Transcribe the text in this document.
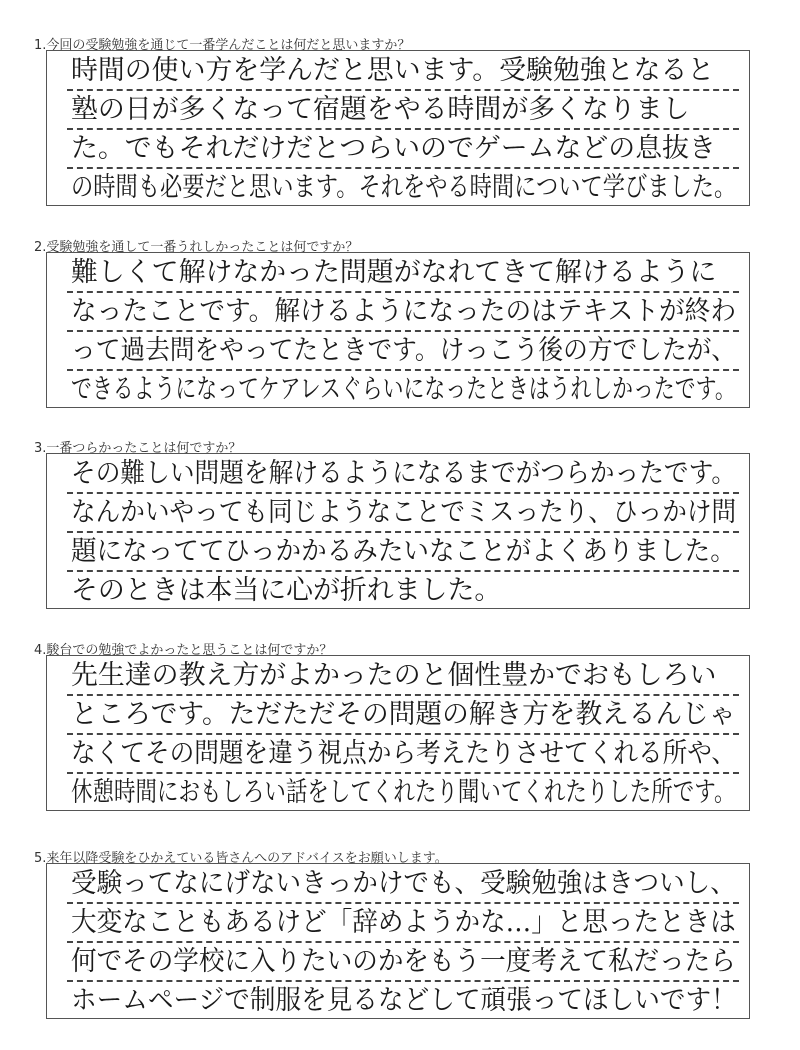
1.今回の受験勉強を通じて一番学んだことは何だと思いますか？
時間の使い方を学んだと思います。受験勉強となると
塾の日が多くなって宿題をやる時間が多くなりまし
た。でもそれだけだとつらいのでゲームなどの息抜き
の時間も必要だと思います。それをやる時間について学びました。
2.受験勉強を通して一番うれしかったことは何ですか？
難しくて解けなかった問題がなれてきて解けるように
なったことです。解けるようになったのはテキストが終わ
って過去問をやってたときです。けっこう後の方でしたが、
できるようになってケアレスぐらいになったときはうれしかったです。
3.一番つらかったことは何ですか？
その難しい問題を解けるようになるまでがつらかったです。
なんかいやっても同じようなことでミスったり、ひっかけ問
題になっててひっかかるみたいなことがよくありました。
そのときは本当に心が折れました。
4.駿台での勉強でよかったと思うことは何ですか？
先生達の教え方がよかったのと個性豊かでおもしろい
ところです。ただただその問題の解き方を教えるんじゃ
なくてその問題を違う視点から考えたりさせてくれる所や、
休憩時間におもしろい話をしてくれたり聞いてくれたりした所です。
5.来年以降受験をひかえている皆さんへのアドバイスをお願いします。
受験ってなにげないきっかけでも、受験勉強はきついし、
大変なこともあるけど「辞めようかな…」と思ったときは
何でその学校に入りたいのかをもう一度考えて私だったら
ホームページで制服を見るなどして頑張ってほしいです！
